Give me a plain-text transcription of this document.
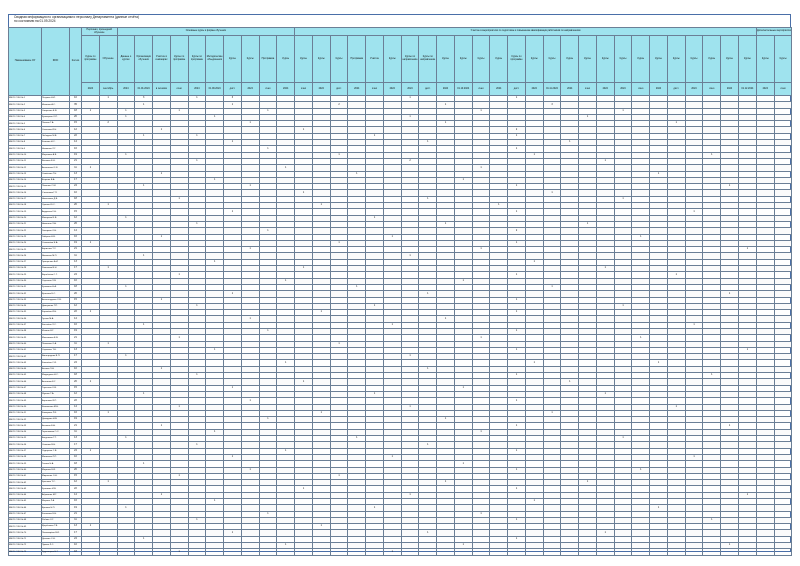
Сводная информация по организациям и персоналу Департамента (данные отчёта)
по состоянию на 01.09.2024
Наименование ОУ	ФИО	Кол-во	Персонал, прошедший обучение		Основные курсы и формы обучения										Участие в мероприятиях по подготовке и повышению квалификации работников по направлениям																										Дополнительные мероприятия	
			Курсы по программе	Обучение	Данные о курсах	Организация обучения	Участие в семинарах	Курсы по программе	Курсы по программе	Методические объединения	Курсы	Курсы	Программа	Курсы	Курсы	Курсы	Курсы	Программа	Участие	Курсы	Курсы по направлению	Курсы по направлению	Курсы	Курсы	Курсы	Курсы	Курсы по программе	Курсы	Курсы	Курсы	Курсы	Курсы	Курсы	Курсы	Курсы	Курсы	Курсы	Курсы	Курсы	Курсы	Курсы	Курсы
			2024	сентябрь	2024	01.01.2024	в сетевом	очно	2024	01.09.2024	дист.	2024	очно	2024	очно	2024	дист.	2024	очно	2024	2024	дист.	2024	01.10.2024	очно	2024	дист.	2024	01.11.2024	2024	очно	2024	2024	очно	2024	дист.	2024	очно	2024	01.12.2024	2024	очно
МБОУ СОШ № 1	Петрова Н.И.	10		1		3			1		3										1						1															
МБОУ СОШ № 2	Иванова А.С.	35				1					1						2						1						3													
МБОУ СОШ № 3	Смирнова Е.В.	18	1		1			1					1												1								1									
МБОУ СОШ № 4	Кузнецова О.П.	20			1					1											1										1											
МБОУ СОШ № 5	Попова Т.А.	15		2								1											1													1						
МБОУ СОШ № 6	Соколова И.Н.	12					1								1												2															
МБОУ СОШ № 7	Лебедева М.В.	22				1			1										1								1															
МБОУ СОШ № 8	Козлова Н.С.	14									1											1								1												
МБОУ СОШ № 9	Новикова Л.Г.	16											1														1															
МБОУ СОШ № 10	Морозова А.В.	19			1												1											1										1				
МБОУ СОШ № 11	Волкова Е.Н.	21							1												2											1										
МБОУ СОШ № 12	Алексеева О.И.	11	1											1											1																	
МБОУ СОШ № 13	Семёнова Т.Н.	13					1											1																	1							
МБОУ СОШ № 14	Егорова В.А.	17								1														1																		
МБОУ СОШ № 15	Павлова С.М.	24				1						1															1												1			
МБОУ СОШ № 16	Степанова Г.П.	10													1														1													
МБОУ СОШ № 17	Николаева Д.В.	18						1														1											1									
МБОУ СОШ № 18	Орлова Ю.С.	20		1												1										1																
МБОУ СОШ № 19	Андреева К.Н.	15									1																1										1					
МБОУ СОШ № 20	Макарова И.В.	12			1														1																							
МБОУ СОШ № 21	Никитина Л.А.	26							1														1								1											
МБОУ СОШ № 22	Захарова О.Н.	14											1														2															
МБОУ СОШ № 23	Зайцева Н.В.	16					1													1														1								
МБОУ СОШ № 24	Соловьёва Е.А.	19	1														1										1															
МБОУ СОШ № 25	Борисова Т.С.	21										1													1															1		
МБОУ СОШ № 26	Яковлева М.П.	11				1															1																					
МБОУ СОШ № 27	Григорьева А.И.	13								1																		1														
МБОУ СОШ № 28	Романова В.Н.	17		1											1																	1										
МБОУ СОШ № 29	Воробьёва С.Г.	24						1																			1									1						
МБОУ СОШ № 30	Сергеева Л.В.	10												1										1																		
МБОУ СОШ № 31	Кузьмина Н.А.	18			1													1											1													
МБОУ СОШ № 32	Фролова Е.С.	20									1											1																	1			
МБОУ СОШ № 33	Александрова О.В.	15					1																				1															
МБОУ СОШ № 34	Дмитриева Т.П.	12							1										1														1									
МБОУ СОШ № 35	Королёва И.Н.	22	1													1											1															
МБОУ СОШ № 36	Гусева М.А.	14										1											1																			
МБОУ СОШ № 37	Киселёва Л.С.	16				1														1																	1					
МБОУ СОШ № 38	Ильина Н.Г.	19											1														1															
МБОУ СОШ № 39	Максимова Е.В.	21						1																	1									1								
МБОУ СОШ № 40	Полякова О.А.	11		1													1																									
МБОУ СОШ № 41	Сорокина Т.Н.	13								1																	1													1		
МБОУ СОШ № 42	Виноградова В.П.	17			1																1																					
МБОУ СОШ № 43	Ковалёва С.И.	24												1														1							1							
МБОУ СОШ № 44	Белова Л.Н.	10					1															1																				
МБОУ СОШ № 45	Медведева Н.С.	18							1																		1											1				
МБОУ СОШ № 46	Антонова Е.Г.	20	1												1															1												
МБОУ СОШ № 47	Тарасова О.В.	15									1													1																		
МБОУ СОШ № 48	Жукова Т.А.	12				1													1													1										
МБОУ СОШ № 49	Баранова И.П.	22										1															1															
МБОУ СОШ № 50	Филиппова М.Н.	14						1													1															1						
МБОУ СОШ № 51	Комарова Л.И.	16		1												1													1													
МБОУ СОШ № 52	Давыдова Н.В.	19											1										1																			
МБОУ СОШ № 53	Беляева Е.А.	21					1																				1												1			
МБОУ СОШ № 54	Герасимова О.С.	11								1															1																	
МБОУ СОШ № 55	Богданова Т.Г.	13			1													1															1									
МБОУ СОШ № 56	Осипова В.Н.	17							1													1																				
МБОУ СОШ № 57	Сидорова С.В.	24	1											1													1															
МБОУ СОШ № 58	Матвеева Л.П.	10									1									1																	1					
МБОУ СОШ № 59	Титова Н.А.	18				1																		1																		
МБОУ СОШ № 60	Маркова Е.И.	20										1															1							1								
МБОУ СОШ № 61	Миронова О.Н.	15						1									1																									
МБОУ СОШ № 62	Крылова Т.С.	12		1																			1								1											
МБОУ СОШ № 63	Куликова И.В.	22													1												1															
МБОУ СОШ № 64	Абрамова М.Г.	14					1														1																			1		
МБОУ СОШ № 65	Шарова Л.А.	16								1																		1														
МБОУ СОШ № 66	Ершова Н.П.	19			1														1																1							
МБОУ СОШ № 67	Калинина Е.Н.	21											1												1																	
МБОУ СОШ № 68	Рябова О.Г.	11							1																		1											1				
МБОУ СОШ № 69	Щербакова Т.В.	13	1													1																										
МБОУ СОШ № 70	Пономарёва В.И.	17									1											1										1										
МБОУ СОШ № 71	Дьякова С.Н.	24				1																					1															
МБОУ СОШ № 72	Лукина Л.С.	10												1										1															1			
МБОУ СОШ № 73	Кудрявцева Н.Г.	18						1												1																						
